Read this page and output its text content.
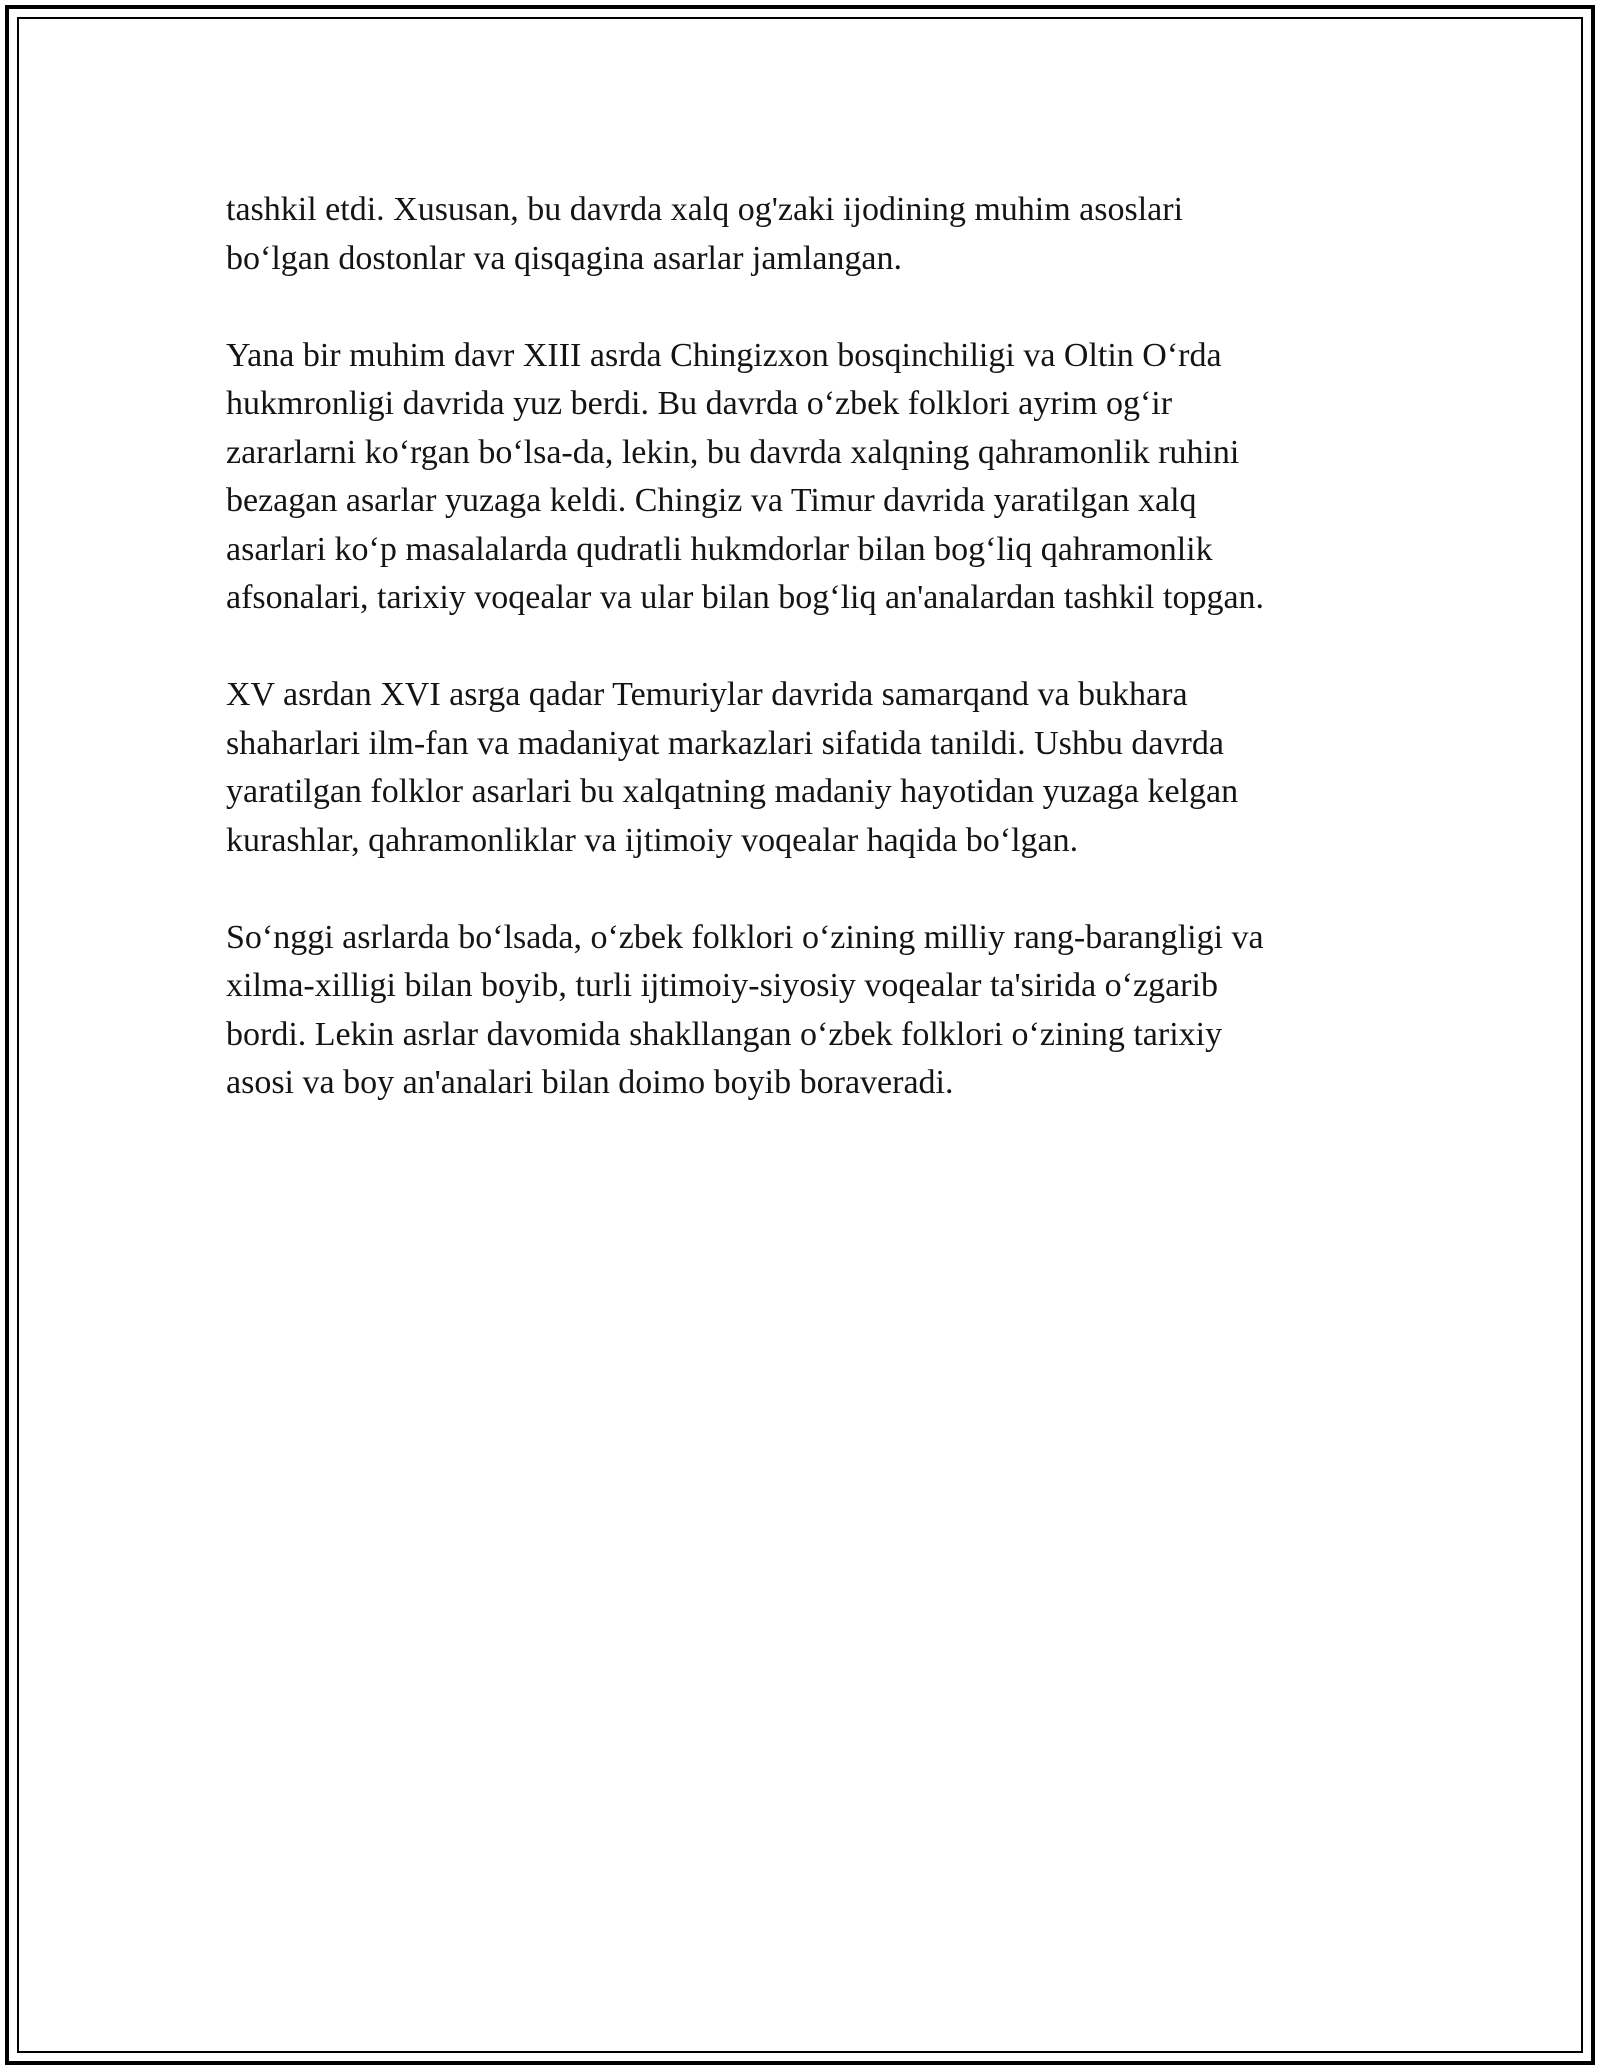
tashkil etdi. Xususan, bu davrda xalq og'zaki ijodining muhim asoslari
bo‘lgan dostonlar va qisqagina asarlar jamlangan.

Yana bir muhim davr XIII asrda Chingizxon bosqinchiligi va Oltin O‘rda
hukmronligi davrida yuz berdi. Bu davrda o‘zbek folklori ayrim og‘ir
zararlarni ko‘rgan bo‘lsa-da, lekin, bu davrda xalqning qahramonlik ruhini
bezagan asarlar yuzaga keldi. Chingiz va Timur davrida yaratilgan xalq
asarlari ko‘p masalalarda qudratli hukmdorlar bilan bog‘liq qahramonlik
afsonalari, tarixiy voqealar va ular bilan bog‘liq an'analardan tashkil topgan.

XV asrdan XVI asrga qadar Temuriylar davrida samarqand va bukhara
shaharlari ilm-fan va madaniyat markazlari sifatida tanildi. Ushbu davrda
yaratilgan folklor asarlari bu xalqatning madaniy hayotidan yuzaga kelgan
kurashlar, qahramonliklar va ijtimoiy voqealar haqida bo‘lgan.

So‘nggi asrlarda bo‘lsada, o‘zbek folklori o‘zining milliy rang-barangligi va
xilma-xilligi bilan boyib, turli ijtimoiy-siyosiy voqealar ta'sirida o‘zgarib
bordi. Lekin asrlar davomida shakllangan o‘zbek folklori o‘zining tarixiy
asosi va boy an'analari bilan doimo boyib boraveradi.
